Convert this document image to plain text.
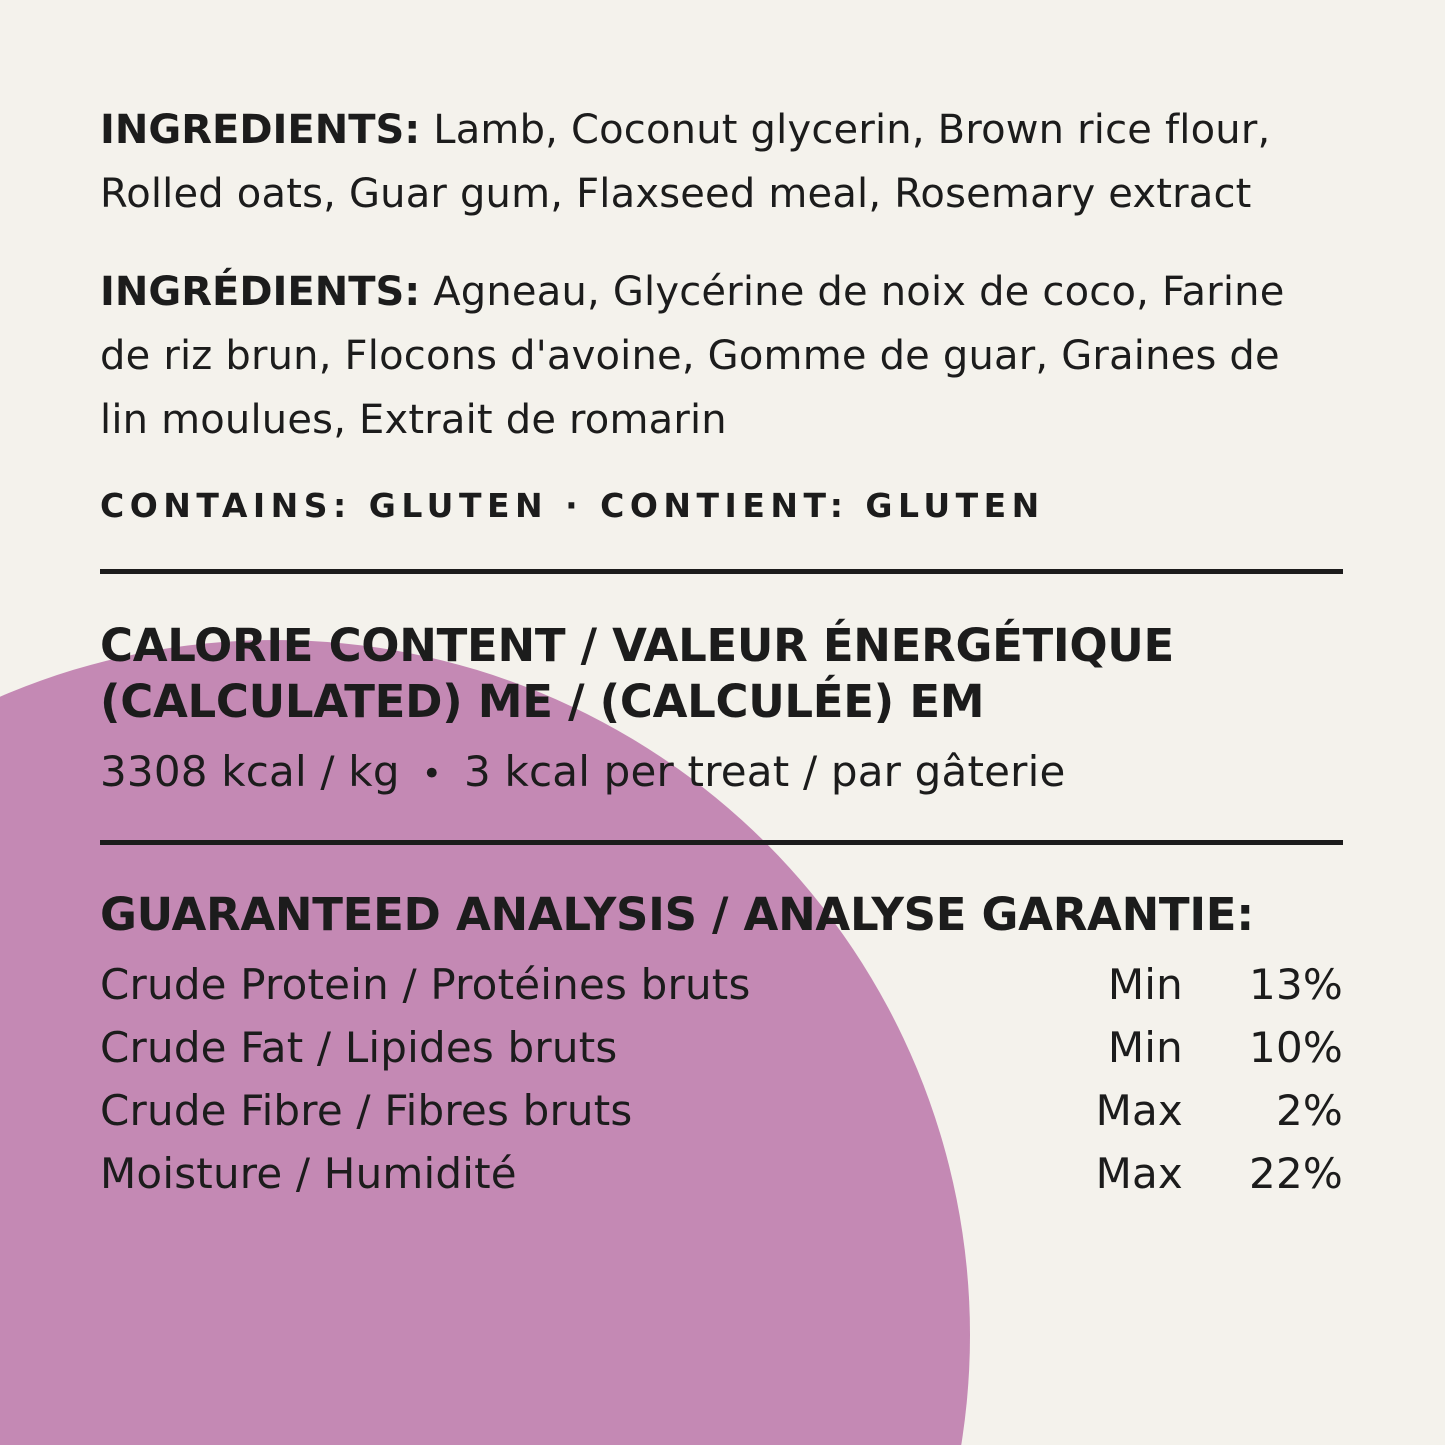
INGREDIENTS: Lamb, Coconut glycerin, Brown rice flour, Rolled oats, Guar gum, Flaxseed meal, Rosemary extract

INGRÉDIENTS: Agneau, Glycérine de noix de coco, Farine de riz brun, Flocons d'avoine, Gomme de guar, Graines de lin moulues, Extrait de romarin

CONTAINS: GLUTEN · CONTIENT: GLUTEN

CALORIE CONTENT / VALEUR ÉNERGÉTIQUE (CALCULATED) ME / (CALCULÉE) EM
3308 kcal / kg • 3 kcal per treat / par gâterie
GUARANTEED ANALYSIS / ANALYSE GARANTIE:
Crude Protein / Protéines bruts	Min	13%
Crude Fat / Lipides bruts	Min	10%
Crude Fibre / Fibres bruts	Max	2%
Moisture / Humidité	Max	22%
